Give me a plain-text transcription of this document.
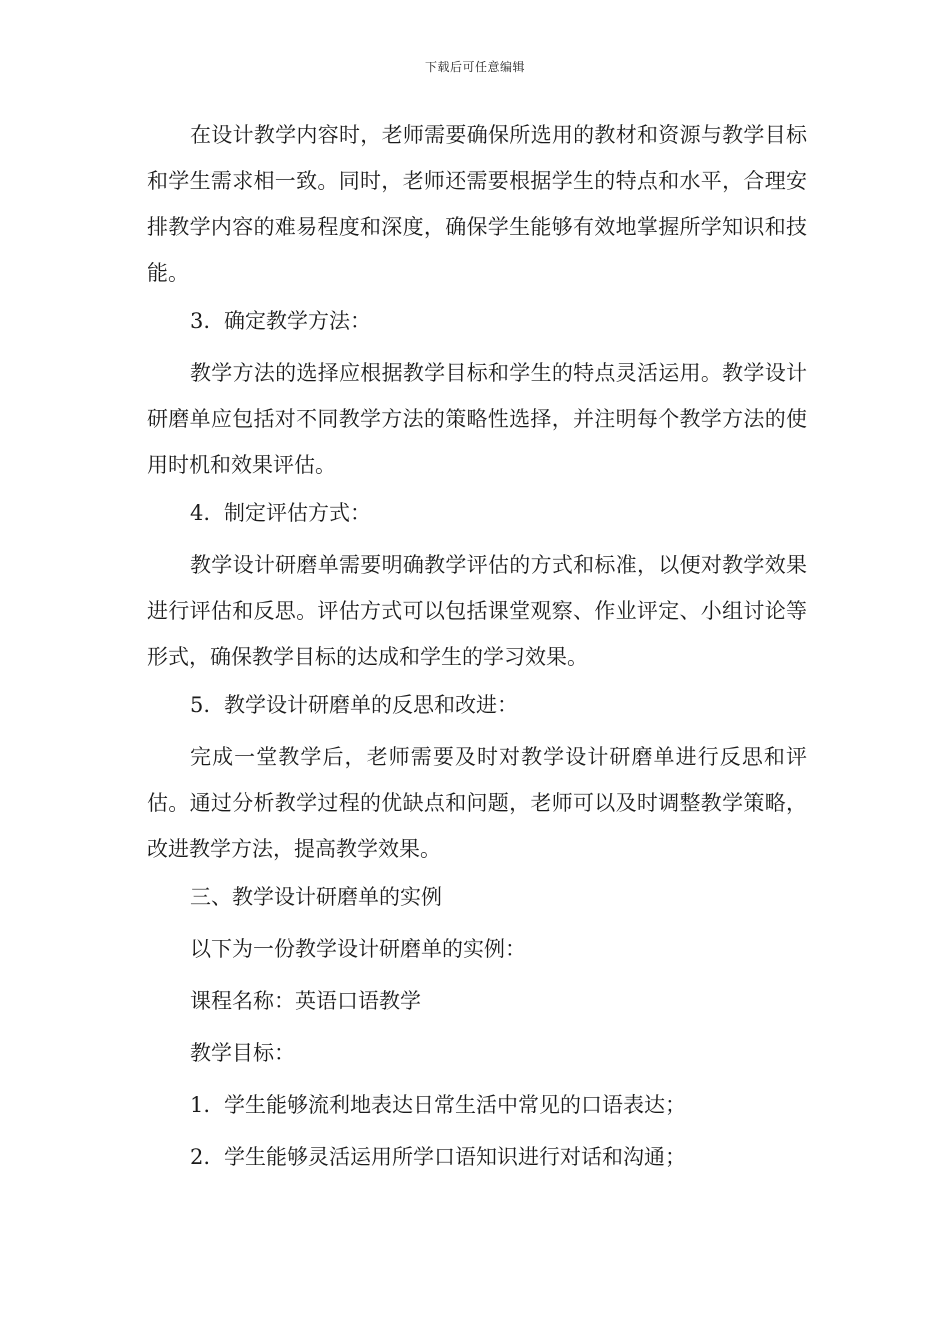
下载后可任意编辑

在设计教学内容时，老师需要确保所选用的教材和资源与教学目标和学生需求相一致。同时，老师还需要根据学生的特点和水平，合理安排教学内容的难易程度和深度，确保学生能够有效地掌握所学知识和技能。

3. 确定教学方法：

教学方法的选择应根据教学目标和学生的特点灵活运用。教学设计研磨单应包括对不同教学方法的策略性选择，并注明每个教学方法的使用时机和效果评估。

4. 制定评估方式：

教学设计研磨单需要明确教学评估的方式和标准，以便对教学效果进行评估和反思。评估方式可以包括课堂观察、作业评定、小组讨论等形式，确保教学目标的达成和学生的学习效果。

5. 教学设计研磨单的反思和改进：

完成一堂教学后，老师需要及时对教学设计研磨单进行反思和评估。通过分析教学过程的优缺点和问题，老师可以及时调整教学策略，改进教学方法，提高教学效果。

三、教学设计研磨单的实例
以下为一份教学设计研磨单的实例：
课程名称：英语口语教学
教学目标：
1. 学生能够流利地表达日常生活中常见的口语表达；
2. 学生能够灵活运用所学口语知识进行对话和沟通；
